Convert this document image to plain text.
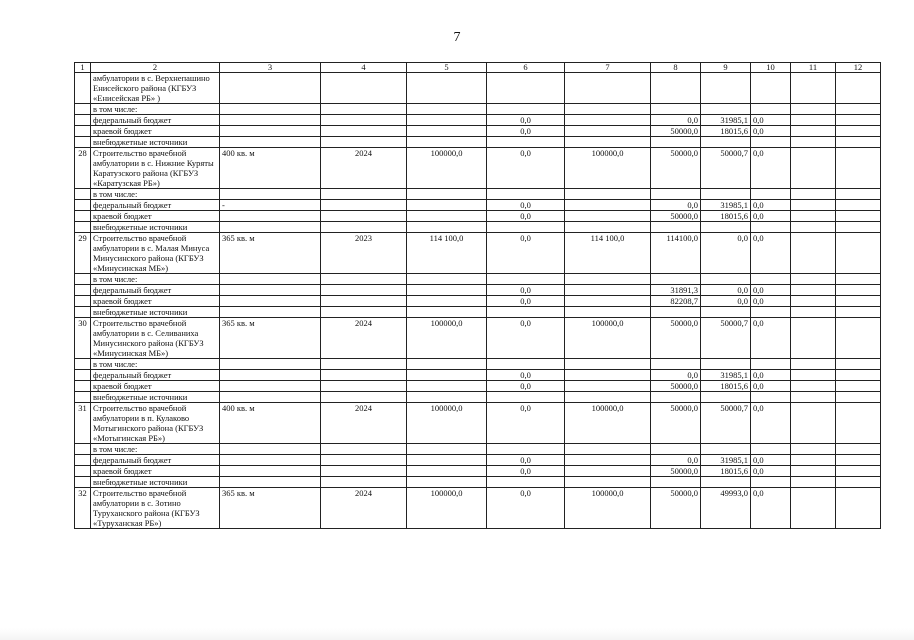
7
1	2	3	4	5	6	7	8	9	10	11	12
	амбулатории в с. Верхнепашино Енисейского района (КГБУЗ «Енисейская РБ» )										
	в том числе:										
	федеральный бюджет				0,0		0,0	31985,1	0,0		
	краевой бюджет				0,0		50000,0	18015,6	0,0		
	внебюджетные источники										
28	Строительство врачебной амбулатории в с. Нижние Куряты Каратузского района (КГБУЗ «Каратузская РБ»)	400 кв. м	2024	100000,0	0,0	100000,0	50000,0	50000,7	0,0		
	в том числе:										
	федеральный бюджет	-			0,0		0,0	31985,1	0,0		
	краевой бюджет				0,0		50000,0	18015,6	0,0		
	внебюджетные источники										
29	Строительство врачебной амбулатории в с. Малая Минуса Минусинского района (КГБУЗ «Минусинская МБ»)	365 кв. м	2023	114 100,0	0,0	114 100,0	114100,0	0,0	0,0		
	в том числе:										
	федеральный бюджет				0,0		31891,3	0,0	0,0		
	краевой бюджет				0,0		82208,7	0,0	0,0		
	внебюджетные источники										
30	Строительство врачебной амбулатории в с. Селиваниха Минусинского района (КГБУЗ «Минусинская МБ»)	365 кв. м	2024	100000,0	0,0	100000,0	50000,0	50000,7	0,0		
	в том числе:										
	федеральный бюджет				0,0		0,0	31985,1	0,0		
	краевой бюджет				0,0		50000,0	18015,6	0,0		
	внебюджетные источники										
31	Строительство врачебной амбулатории в п. Кулаково Мотыгинского района (КГБУЗ «Мотыгинская РБ»)	400 кв. м	2024	100000,0	0,0	100000,0	50000,0	50000,7	0,0		
	в том числе:										
	федеральный бюджет				0,0		0,0	31985,1	0,0		
	краевой бюджет				0,0		50000,0	18015,6	0,0		
	внебюджетные источники										
32	Строительство врачебной амбулатории в с. Зотино Туруханского района (КГБУЗ «Туруханская РБ»)	365 кв. м	2024	100000,0	0,0	100000,0	50000,0	49993,0	0,0		
